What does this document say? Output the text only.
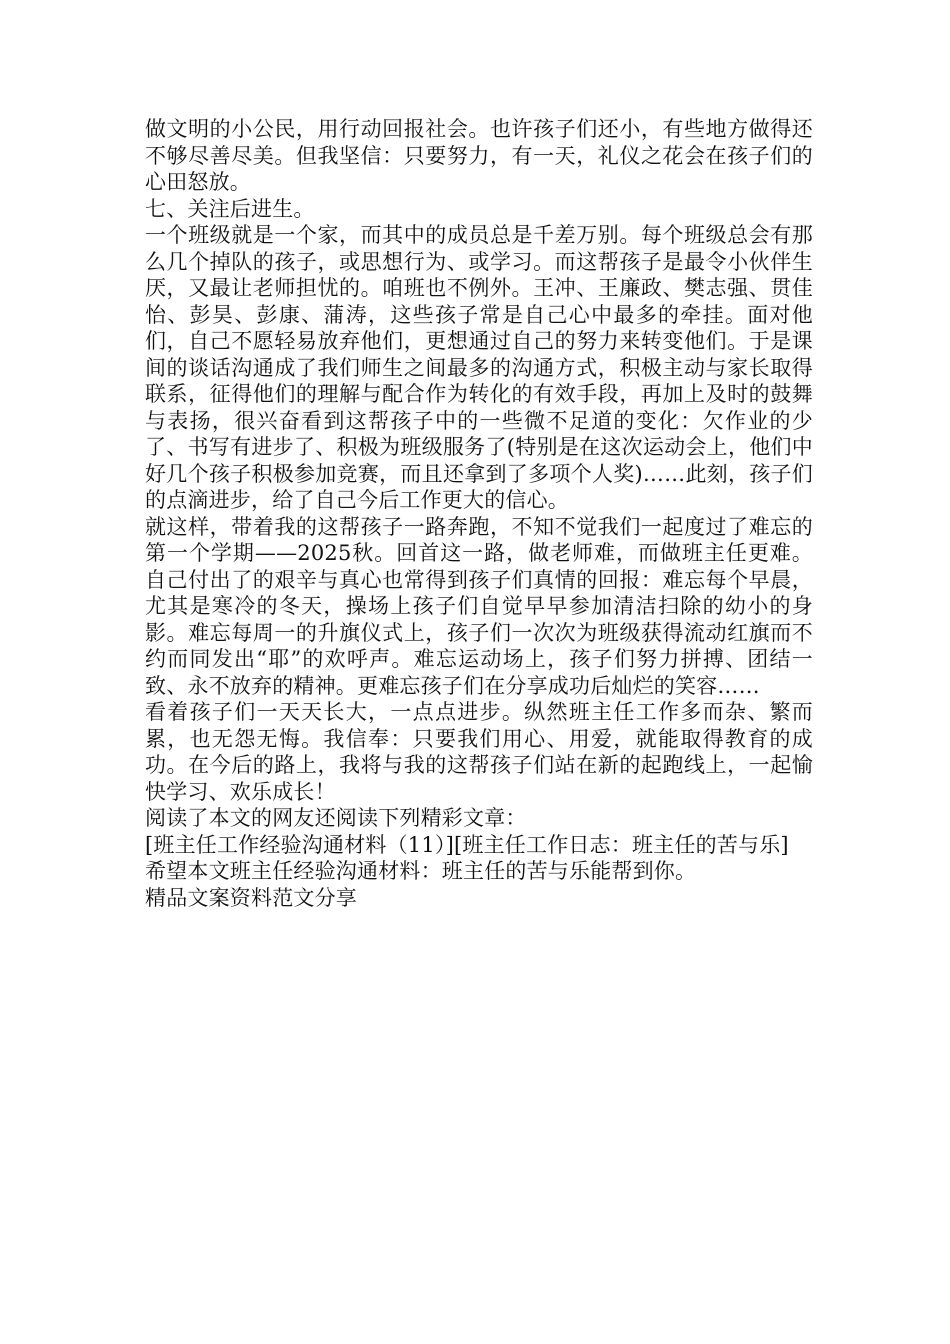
做文明的小公民，用行动回报社会。也许孩子们还小，有些地方做得还不够尽善尽美。但我坚信：只要努力，有一天，礼仪之花会在孩子们的心田怒放。

七、关注后进生。

一个班级就是一个家，而其中的成员总是千差万别。每个班级总会有那么几个掉队的孩子，或思想行为、或学习。而这帮孩子是最令小伙伴生厌，又最让老师担忧的。咱班也不例外。王冲、王廉政、樊志强、贯佳怡、彭昊、彭康、蒲涛，这些孩子常是自己心中最多的牵挂。面对他们，自己不愿轻易放弃他们，更想通过自己的努力来转变他们。于是课间的谈话沟通成了我们师生之间最多的沟通方式，积极主动与家长取得联系，征得他们的理解与配合作为转化的有效手段，再加上及时的鼓舞与表扬，很兴奋看到这帮孩子中的一些微不足道的变化：欠作业的少了、书写有进步了、积极为班级服务了(特别是在这次运动会上，他们中好几个孩子积极参加竞赛，而且还拿到了多项个人奖)……此刻，孩子们的点滴进步，给了自己今后工作更大的信心。

就这样，带着我的这帮孩子一路奔跑，不知不觉我们一起度过了难忘的第一个学期——2025秋。回首这一路，做老师难，而做班主任更难。自己付出了的艰辛与真心也常得到孩子们真情的回报：难忘每个早晨，尤其是寒冷的冬天，操场上孩子们自觉早早参加清洁扫除的幼小的身影。难忘每周一的升旗仪式上，孩子们一次次为班级获得流动红旗而不约而同发出“耶”的欢呼声。难忘运动场上，孩子们努力拼搏、团结一致、永不放弃的精神。更难忘孩子们在分享成功后灿烂的笑容……

看着孩子们一天天长大，一点点进步。纵然班主任工作多而杂、繁而累，也无怨无悔。我信奉：只要我们用心、用爱，就能取得教育的成功。在今后的路上，我将与我的这帮孩子们站在新的起跑线上，一起愉快学习、欢乐成长！

阅读了本文的网友还阅读下列精彩文章：

[班主任工作经验沟通材料（11）][班主任工作日志：班主任的苦与乐]

希望本文班主任经验沟通材料：班主任的苦与乐能帮到你。

精品文案资料范文分享
